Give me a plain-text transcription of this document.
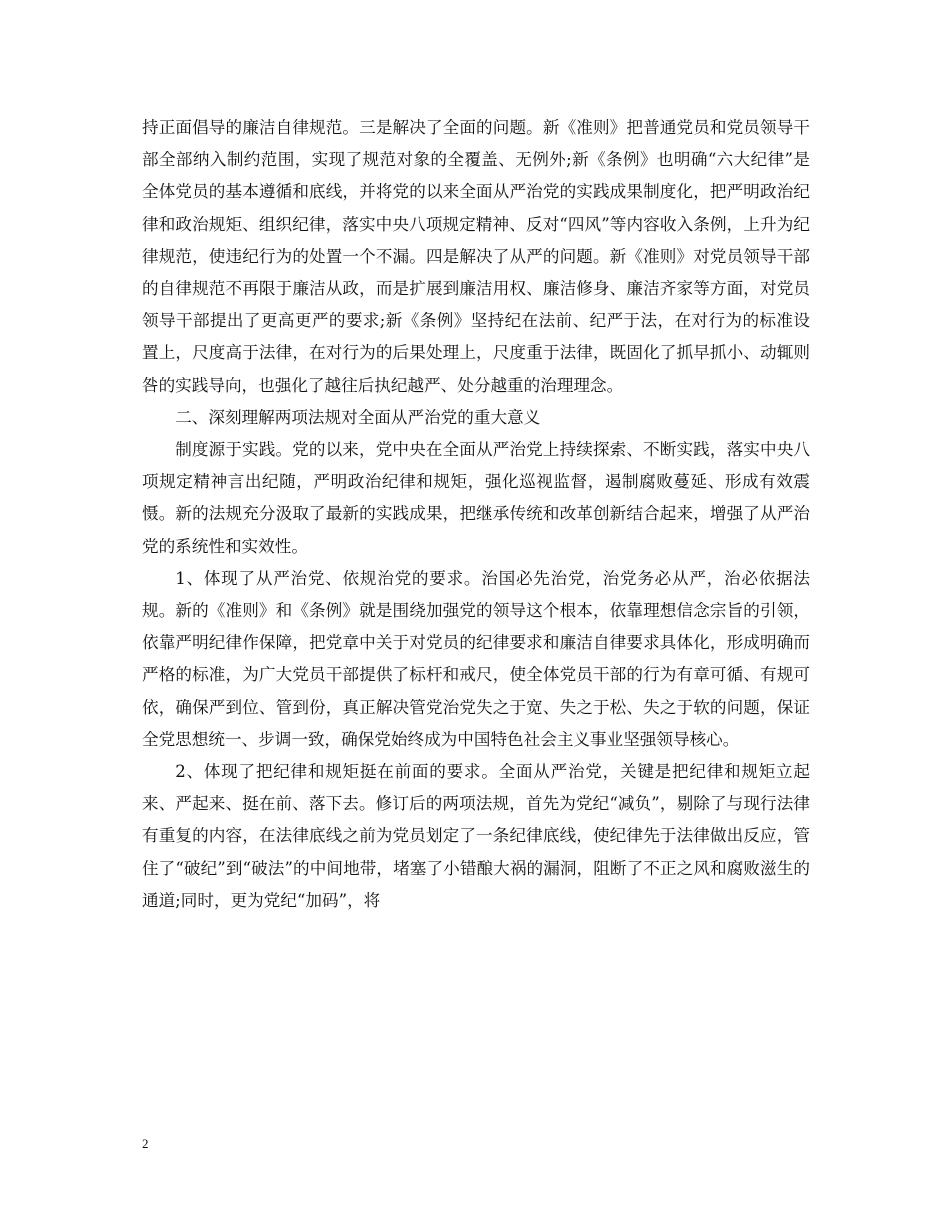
持正面倡导的廉洁自律规范。三是解决了全面的问题。新《准则》把普通党员和党员领导干部全部纳入制约范围，实现了规范对象的全覆盖、无例外;新《条例》也明确“六大纪律”是全体党员的基本遵循和底线，并将党的以来全面从严治党的实践成果制度化，把严明政治纪律和政治规矩、组织纪律，落实中央八项规定精神、反对“四风”等内容收入条例，上升为纪律规范，使违纪行为的处置一个不漏。四是解决了从严的问题。新《准则》对党员领导干部的自律规范不再限于廉洁从政，而是扩展到廉洁用权、廉洁修身、廉洁齐家等方面，对党员领导干部提出了更高更严的要求;新《条例》坚持纪在法前、纪严于法，在对行为的标准设置上，尺度高于法律，在对行为的后果处理上，尺度重于法律，既固化了抓早抓小、动辄则咎的实践导向，也强化了越往后执纪越严、处分越重的治理理念。

二、深刻理解两项法规对全面从严治党的重大意义

制度源于实践。党的以来，党中央在全面从严治党上持续探索、不断实践，落实中央八项规定精神言出纪随，严明政治纪律和规矩，强化巡视监督，遏制腐败蔓延、形成有效震慑。新的法规充分汲取了最新的实践成果，把继承传统和改革创新结合起来，增强了从严治党的系统性和实效性。

1、体现了从严治党、依规治党的要求。治国必先治党，治党务必从严，治必依据法规。新的《准则》和《条例》就是围绕加强党的领导这个根本，依靠理想信念宗旨的引领，依靠严明纪律作保障，把党章中关于对党员的纪律要求和廉洁自律要求具体化，形成明确而严格的标准，为广大党员干部提供了标杆和戒尺，使全体党员干部的行为有章可循、有规可依，确保严到位、管到份，真正解决管党治党失之于宽、失之于松、失之于软的问题，保证全党思想统一、步调一致，确保党始终成为中国特色社会主义事业坚强领导核心。

2、体现了把纪律和规矩挺在前面的要求。全面从严治党，关键是把纪律和规矩立起来、严起来、挺在前、落下去。修订后的两项法规，首先为党纪“减负”，剔除了与现行法律有重复的内容，在法律底线之前为党员划定了一条纪律底线，使纪律先于法律做出反应，管住了“破纪”到“破法”的中间地带，堵塞了小错酿大祸的漏洞，阻断了不正之风和腐败滋生的通道;同时，更为党纪“加码”，将

2
